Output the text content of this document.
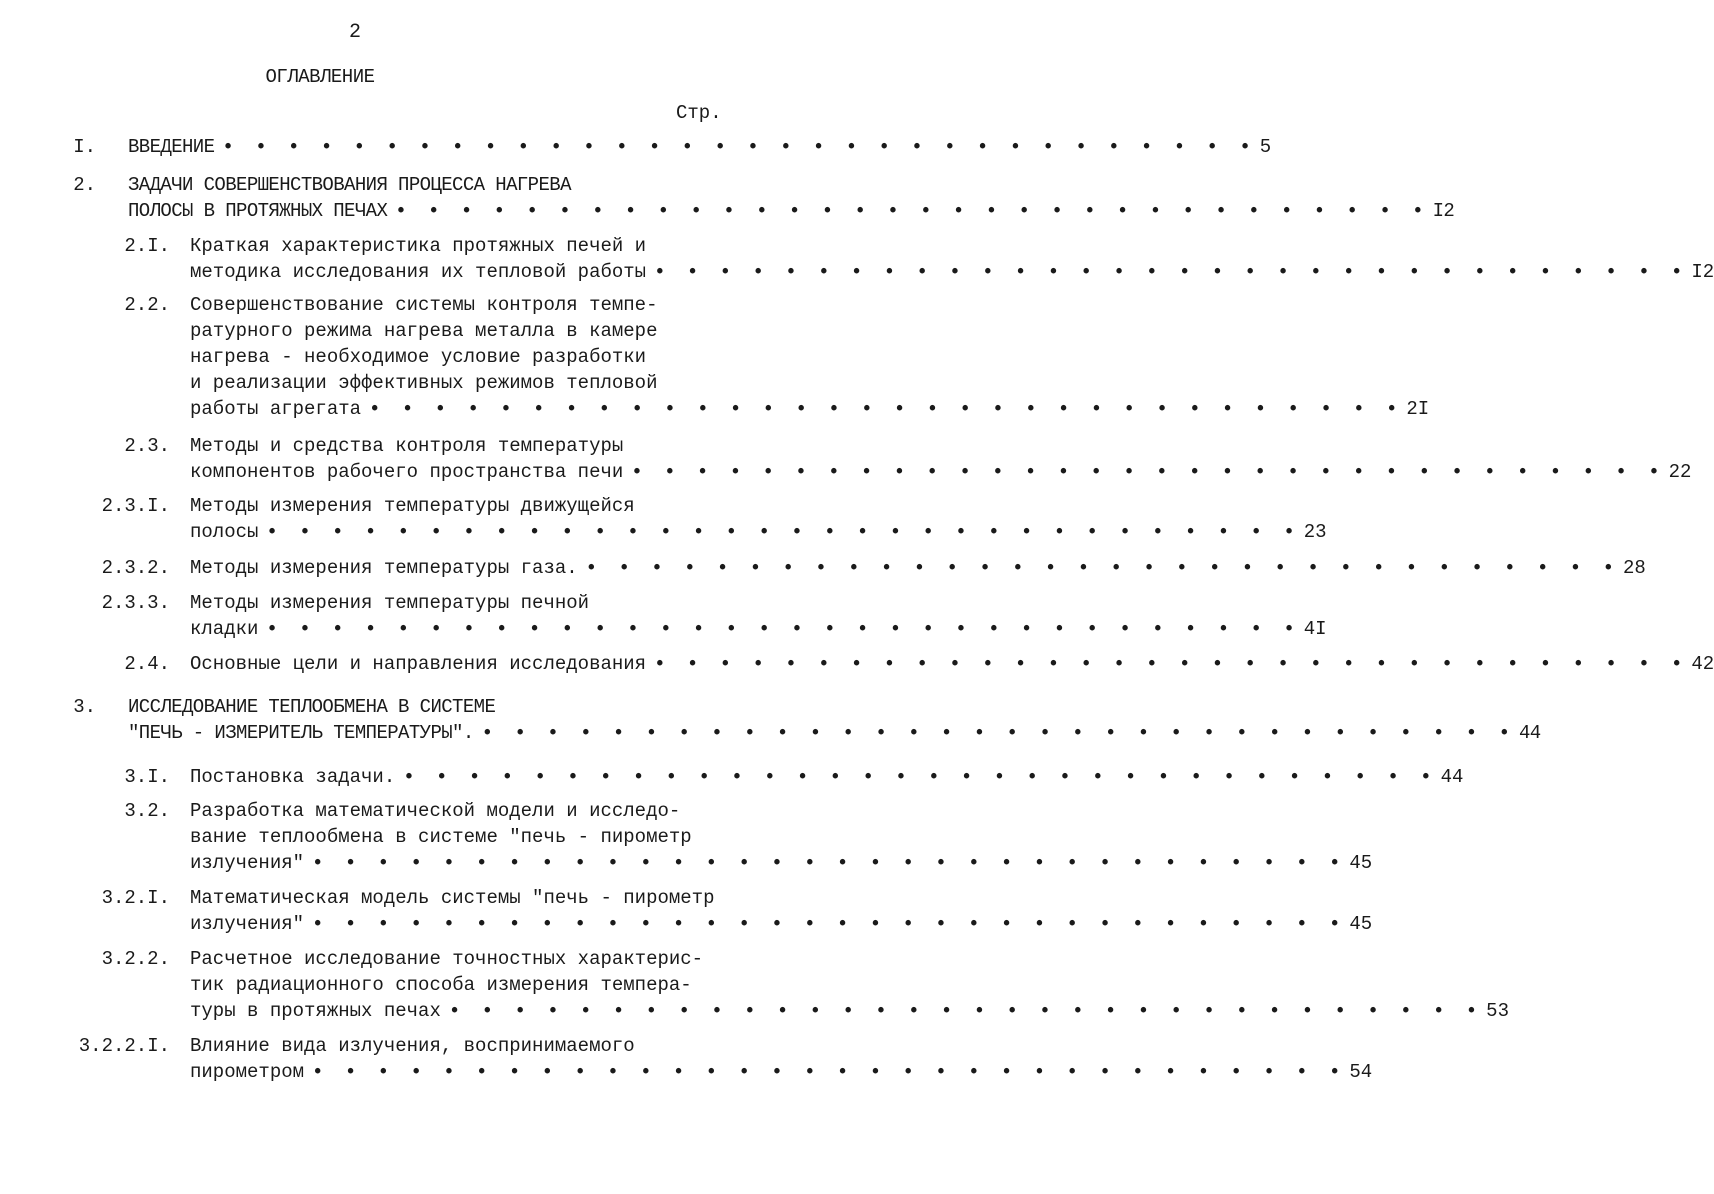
2
ОГЛАВЛЕНИЕ
Стр.
I. ВВЕДЕНИЕ • • • • • • • • • • • • • • • • • • • • • • • • • • • • • • • • 5
2. ЗАДАЧИ СОВЕРШЕНСТВОВАНИЯ ПРОЦЕССА НАГРЕВА
ПОЛОСЫ В ПРОТЯЖНЫХ ПЕЧАХ • • • • • • • • • • • • • • • • • • • • • • • • • • • • • • • • I2
2.I. Краткая характеристика протяжных печей и
методика исследования их тепловой работы • • • • • • • • • • • • • • • • • • • • • • • • • • • • • • • • I2
2.2. Совершенствование системы контроля темпе-
ратурного режима нагрева металла в камере
нагрева - необходимое условие разработки
и реализации эффективных режимов тепловой
работы агрегата • • • • • • • • • • • • • • • • • • • • • • • • • • • • • • • • 2I
2.3. Методы и средства контроля температуры
компонентов рабочего пространства печи • • • • • • • • • • • • • • • • • • • • • • • • • • • • • • • • 22
2.3.I. Методы измерения температуры движущейся
полосы • • • • • • • • • • • • • • • • • • • • • • • • • • • • • • • • 23
2.3.2. Методы измерения температуры газа. • • • • • • • • • • • • • • • • • • • • • • • • • • • • • • • • 28
2.3.3. Методы измерения температуры печной
кладки • • • • • • • • • • • • • • • • • • • • • • • • • • • • • • • • 4I
2.4. Основные цели и направления исследования • • • • • • • • • • • • • • • • • • • • • • • • • • • • • • • • 42
3. ИССЛЕДОВАНИЕ ТЕПЛООБМЕНА В СИСТЕМЕ
"ПЕЧЬ - ИЗМЕРИТЕЛЬ ТЕМПЕРАТУРЫ". • • • • • • • • • • • • • • • • • • • • • • • • • • • • • • • • 44
3.I. Постановка задачи. • • • • • • • • • • • • • • • • • • • • • • • • • • • • • • • • 44
3.2. Разработка математической модели и исследо-
вание теплообмена в системе "печь - пирометр
излучения" • • • • • • • • • • • • • • • • • • • • • • • • • • • • • • • • 45
3.2.I. Математическая модель системы "печь - пирометр
излучения" • • • • • • • • • • • • • • • • • • • • • • • • • • • • • • • • 45
3.2.2. Расчетное исследование точностных характерис-
тик радиационного способа измерения темпера-
туры в протяжных печах • • • • • • • • • • • • • • • • • • • • • • • • • • • • • • • • 53
3.2.2.I. Влияние вида излучения, воспринимаемого
пирометром • • • • • • • • • • • • • • • • • • • • • • • • • • • • • • • • 54
